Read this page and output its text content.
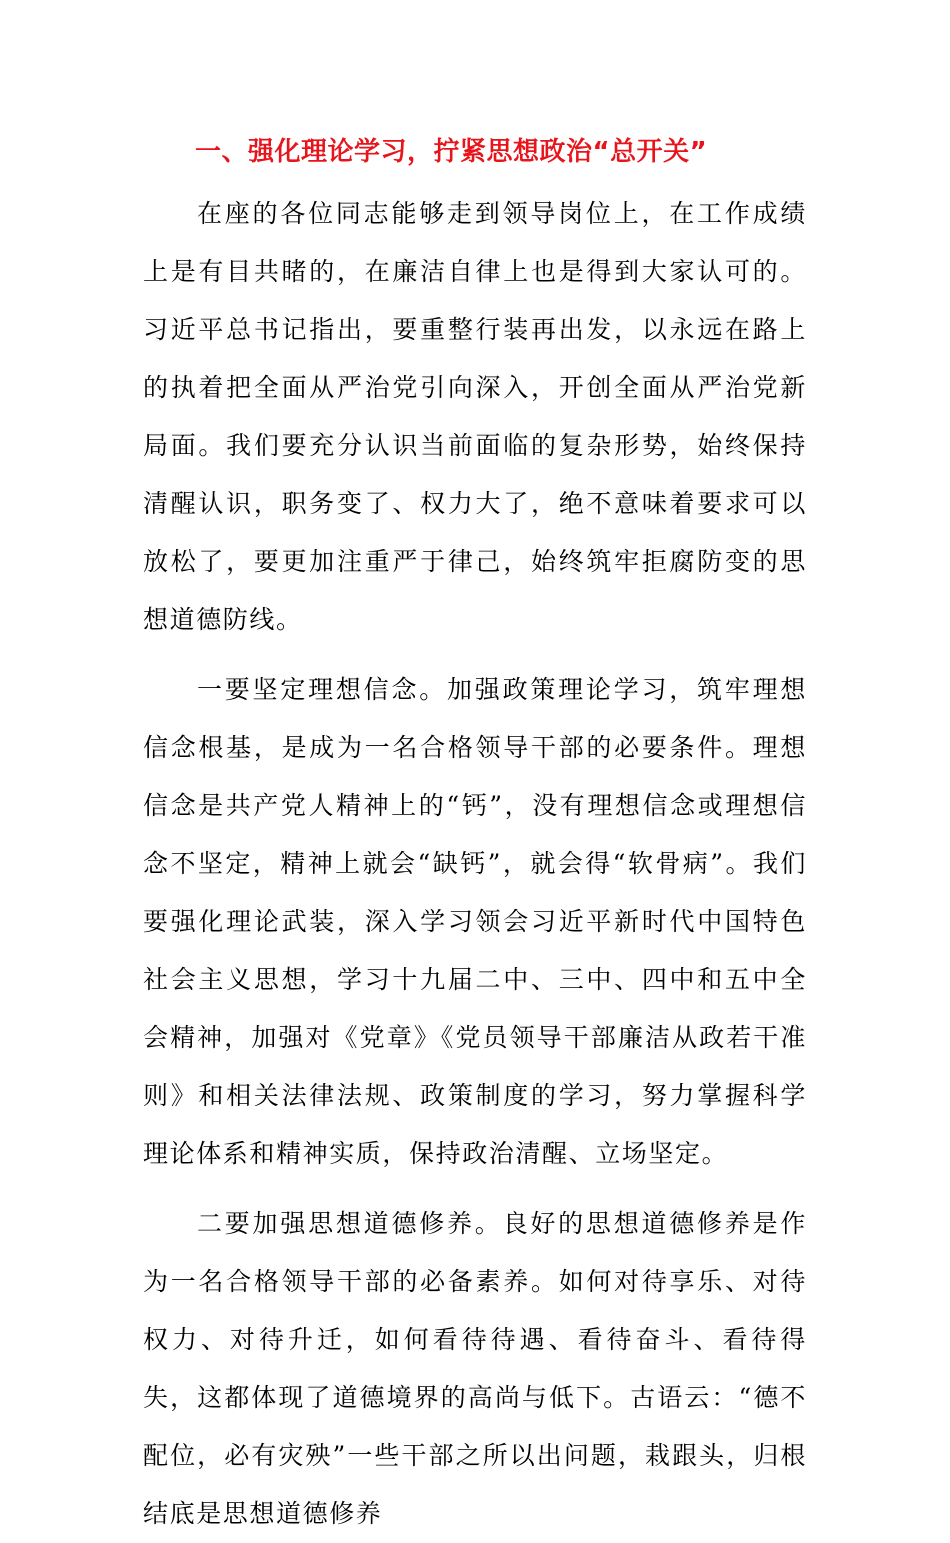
一、强化理论学习，拧紧思想政治“总开关”

在座的各位同志能够走到领导岗位上，在工作成绩上是有目共睹的，在廉洁自律上也是得到大家认可的。习近平总书记指出，要重整行装再出发，以永远在路上的执着把全面从严治党引向深入，开创全面从严治党新局面。我们要充分认识当前面临的复杂形势，始终保持清醒认识，职务变了、权力大了，绝不意味着要求可以放松了，要更加注重严于律己，始终筑牢拒腐防变的思想道德防线。

一要坚定理想信念。加强政策理论学习，筑牢理想信念根基，是成为一名合格领导干部的必要条件。理想信念是共产党人精神上的“钙”，没有理想信念或理想信念不坚定，精神上就会“缺钙”，就会得“软骨病”。我们要强化理论武装，深入学习领会习近平新时代中国特色社会主义思想，学习十九届二中、三中、四中和五中全会精神，加强对《党章》《党员领导干部廉洁从政若干准则》和相关法律法规、政策制度的学习，努力掌握科学理论体系和精神实质，保持政治清醒、立场坚定。

二要加强思想道德修养。良好的思想道德修养是作为一名合格领导干部的必备素养。如何对待享乐、对待权力、对待升迁，如何看待待遇、看待奋斗、看待得失，这都体现了道德境界的高尚与低下。古语云：“德不配位，必有灾殃”一些干部之所以出问题，栽跟头，归根结底是思想道德修养
